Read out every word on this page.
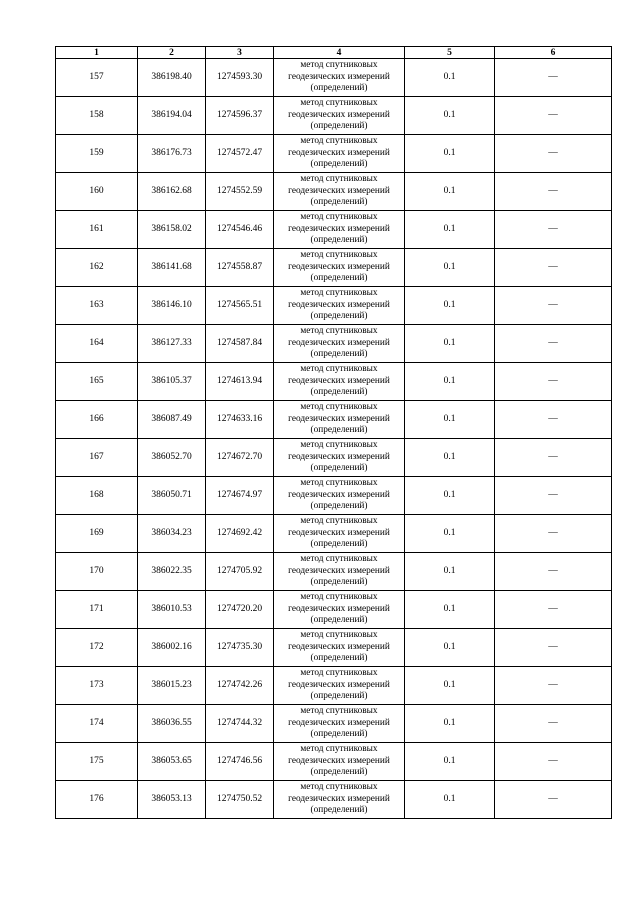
1	2	3	4	5	6
157	386198.40	1274593.30	метод спутниковых геодезических измерений (определений)	0.1	—
158	386194.04	1274596.37	метод спутниковых геодезических измерений (определений)	0.1	—
159	386176.73	1274572.47	метод спутниковых геодезических измерений (определений)	0.1	—
160	386162.68	1274552.59	метод спутниковых геодезических измерений (определений)	0.1	—
161	386158.02	1274546.46	метод спутниковых геодезических измерений (определений)	0.1	—
162	386141.68	1274558.87	метод спутниковых геодезических измерений (определений)	0.1	—
163	386146.10	1274565.51	метод спутниковых геодезических измерений (определений)	0.1	—
164	386127.33	1274587.84	метод спутниковых геодезических измерений (определений)	0.1	—
165	386105.37	1274613.94	метод спутниковых геодезических измерений (определений)	0.1	—
166	386087.49	1274633.16	метод спутниковых геодезических измерений (определений)	0.1	—
167	386052.70	1274672.70	метод спутниковых геодезических измерений (определений)	0.1	—
168	386050.71	1274674.97	метод спутниковых геодезических измерений (определений)	0.1	—
169	386034.23	1274692.42	метод спутниковых геодезических измерений (определений)	0.1	—
170	386022.35	1274705.92	метод спутниковых геодезических измерений (определений)	0.1	—
171	386010.53	1274720.20	метод спутниковых геодезических измерений (определений)	0.1	—
172	386002.16	1274735.30	метод спутниковых геодезических измерений (определений)	0.1	—
173	386015.23	1274742.26	метод спутниковых геодезических измерений (определений)	0.1	—
174	386036.55	1274744.32	метод спутниковых геодезических измерений (определений)	0.1	—
175	386053.65	1274746.56	метод спутниковых геодезических измерений (определений)	0.1	—
176	386053.13	1274750.52	метод спутниковых геодезических измерений (определений)	0.1	—
